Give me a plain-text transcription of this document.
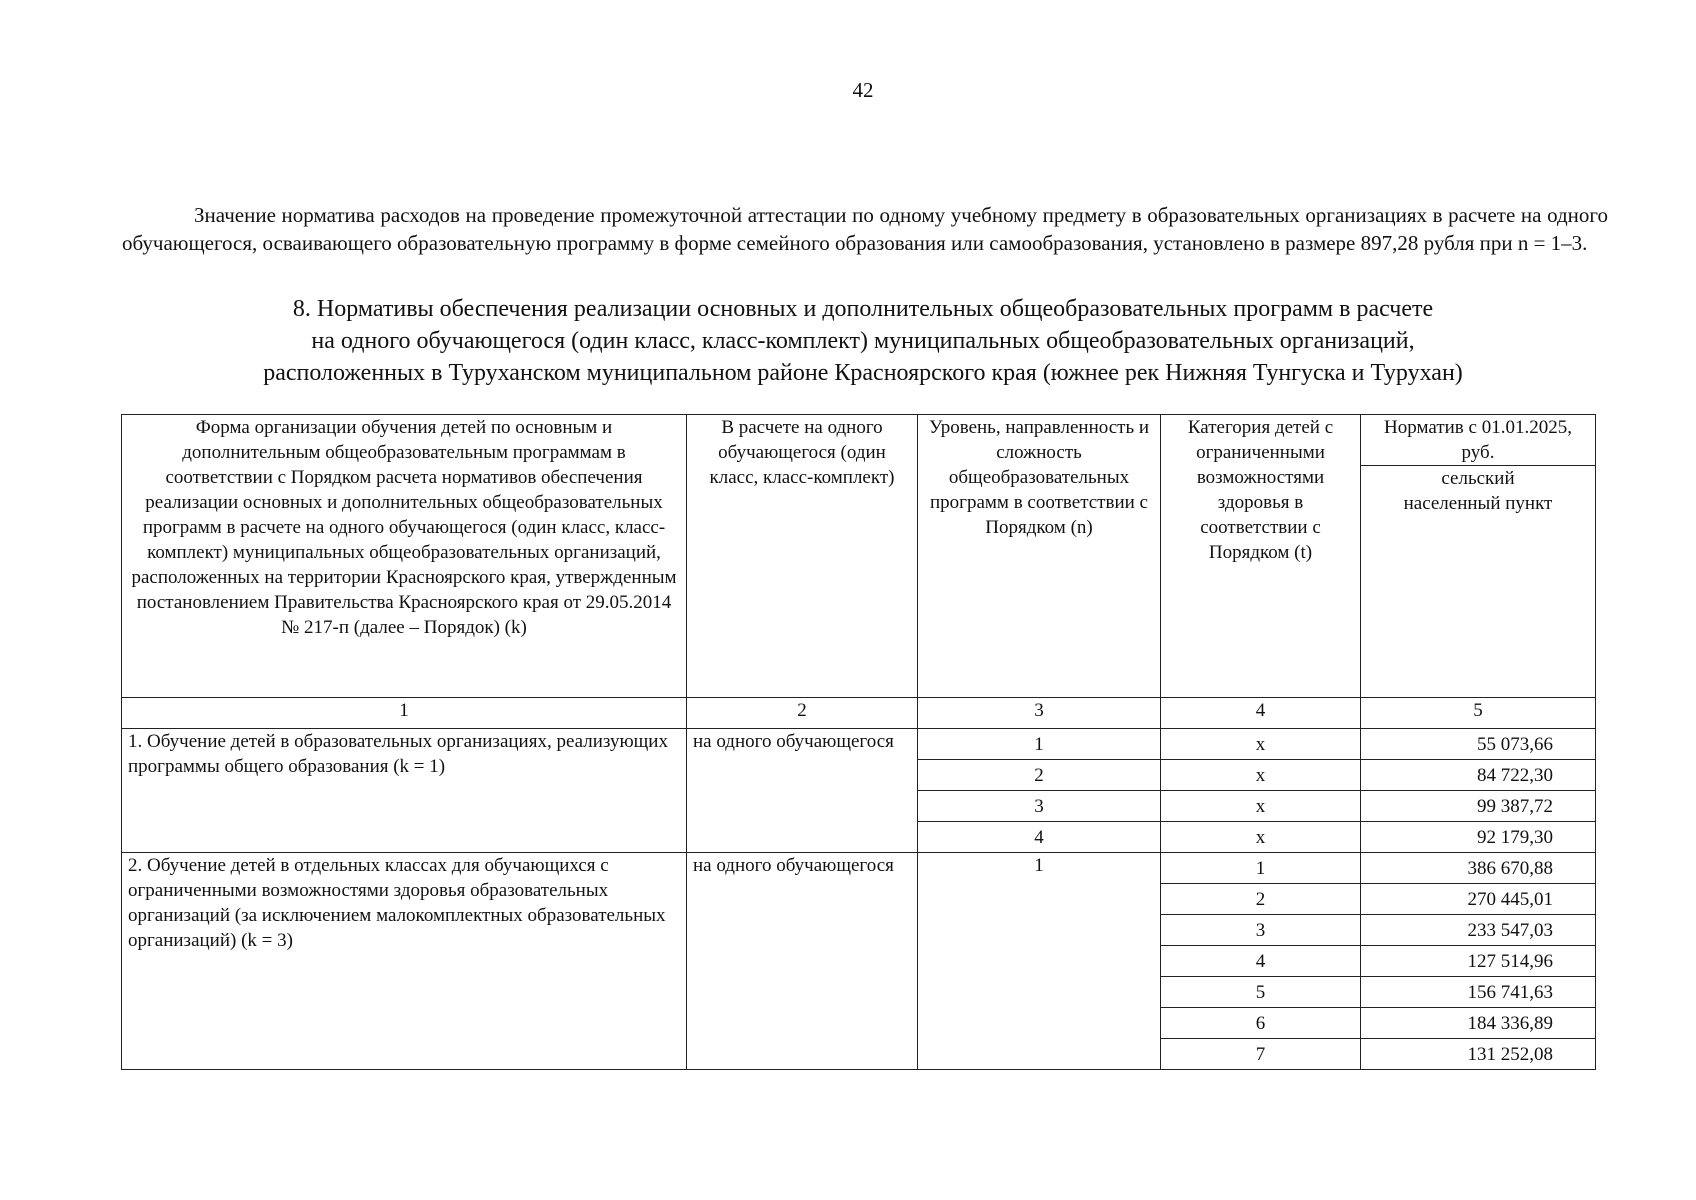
42

Значение норматива расходов на проведение промежуточной аттестации по одному учебному предмету в образовательных организациях в расчете на одного обучающегося, осваивающего образовательную программу в форме семейного образования или самообразования, установлено в размере 897,28 рубля при n = 1–3.

8. Нормативы обеспечения реализации основных и дополнительных общеобразовательных программ в расчете
на одного обучающегося (один класс, класс-комплект) муниципальных общеобразовательных организаций,
расположенных в Туруханском муниципальном районе Красноярского края (южнее рек Нижняя Тунгуска и Турухан)
Форма организации обучения детей по основным и дополнительным общеобразовательным программам в соответствии с Порядком расчета нормативов обеспечения реализации основных и дополнительных общеобразовательных программ в расчете на одного обучающегося (один класс, класс-комплект) муниципальных общеобразовательных организаций, расположенных на территории Красноярского края, утвержденным постановлением Правительства Красноярского края от 29.05.2014 № 217-п (далее – Порядок) (k)	В расчете на одного обучающегося (один класс, класс-комплект)	Уровень, направленность и сложность общеобразовательных программ в соответствии с Порядком (n)	Категория детей с ограниченными возможностями здоровья в соответствии с Порядком (t)	Норматив с 01.01.2025, руб.
				сельский населенный пункт
1	2	3	4	5
1. Обучение детей в образовательных организациях, реализующих программы общего образования (k = 1)	на одного обучающегося	1	х	55 073,66
		2	х	84 722,30
		3	х	99 387,72
		4	х	92 179,30
2. Обучение детей в отдельных классах для обучающихся с ограниченными возможностями здоровья образовательных организаций (за исключением малокомплектных образовательных организаций) (k = 3)	на одного обучающегося	1	1	386 670,88
			2	270 445,01
			3	233 547,03
			4	127 514,96
			5	156 741,63
			6	184 336,89
			7	131 252,08
